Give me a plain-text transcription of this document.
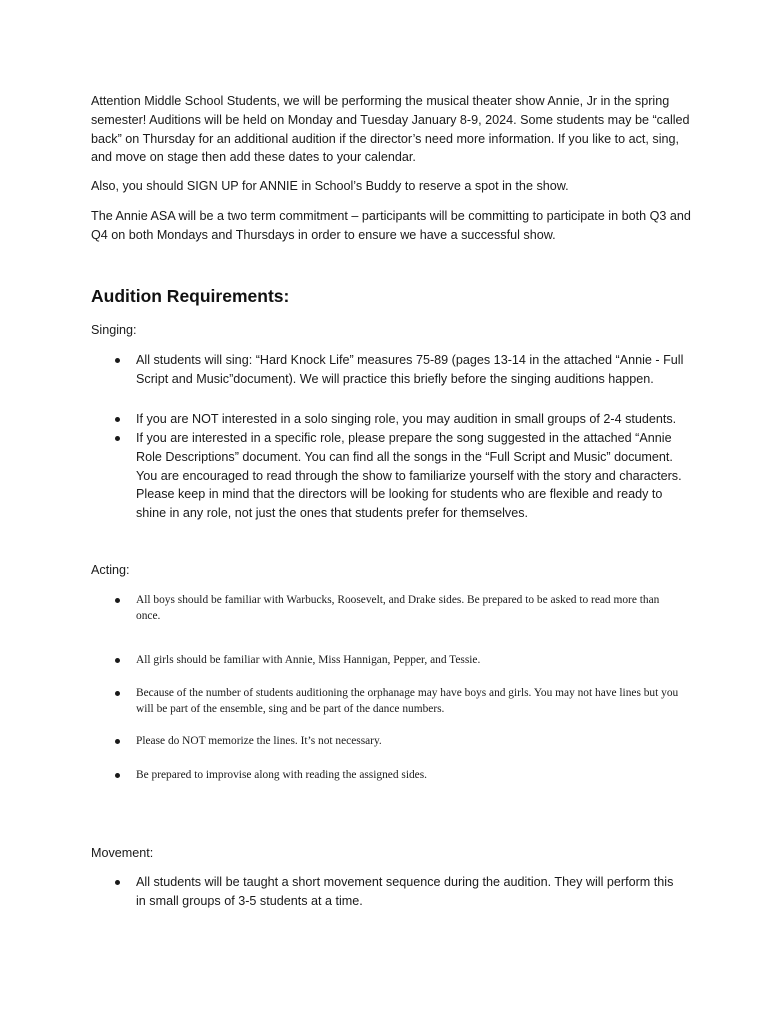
Attention Middle School Students, we will be performing the musical theater show Annie, Jr in the spring semester! Auditions will be held on Monday and Tuesday January 8-9, 2024. Some students may be “called back” on Thursday for an additional audition if the director’s need more information. If you like to act, sing, and move on stage then add these dates to your calendar.

Also, you should SIGN UP for ANNIE in School’s Buddy to reserve a spot in the show.

The Annie ASA will be a two term commitment – participants will be committing to participate in both Q3 and Q4 on both Mondays and Thursdays in order to ensure we have a successful show.

Audition Requirements:

Singing:

All students will sing: “Hard Knock Life” measures 75-89 (pages 13-14 in the attached “Annie - Full Script and Music”document). We will practice this briefly before the singing auditions happen.

If you are NOT interested in a solo singing role, you may audition in small groups of 2-4 students.

If you are interested in a specific role, please prepare the song suggested in the attached “Annie Role Descriptions” document. You can find all the songs in the “Full Script and Music” document. You are encouraged to read through the show to familiarize yourself with the story and characters. Please keep in mind that the directors will be looking for students who are flexible and ready to shine in any role, not just the ones that students prefer for themselves.

Acting:

All boys should be familiar with Warbucks, Roosevelt, and Drake sides. Be prepared to be asked to read more than once.

All girls should be familiar with Annie, Miss Hannigan, Pepper, and Tessie.

Because of the number of students auditioning the orphanage may have boys and girls. You may not have lines but you will be part of the ensemble, sing and be part of the dance numbers.

Please do NOT memorize the lines. It’s not necessary.

Be prepared to improvise along with reading the assigned sides.

Movement:

All students will be taught a short movement sequence during the audition. They will perform this in small groups of 3-5 students at a time.
